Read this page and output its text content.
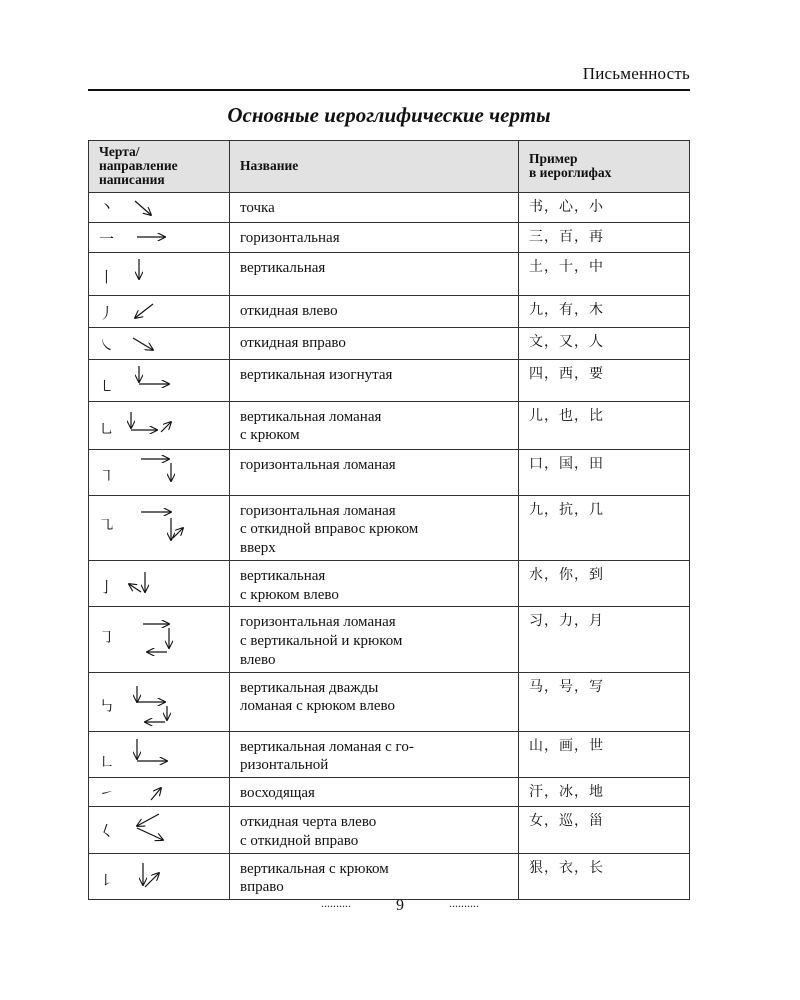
Письменность
Основные иероглифические черты
Черта/
направление
написания	Название	Пример
в иероглифах

丶	точка	书，心，小

一	горизонтальная	三，百，再

丨	вертикальная	土，十，中

丿	откидная влево	九，有，木

㇏	откидная вправо	文，又，人

㇄	вертикальная изогнутая	四，西，要

㇟	вертикальная ломаная
с крюком	儿，也，比

㇕	горизонтальная ломаная	口，国，田

㇈	горизонтальная ломаная
с откидной вправос крюком
вверх	九，抗，几

亅	вертикальная
с крюком влево	水，你，到

㇆	горизонтальная ломаная
с вертикальной и крюком
влево	习，力，月

㇉	вертикальная дважды
ломаная с крюком влево	马，号，写

㇗	вертикальная ломаная с го-
ризонтальной	山，画，世

㇀	восходящая	汗，冰，地

𡿨	откидная черта влево
с откидной вправо	女，巡，甾

㇙	вертикальная с крюком
вправо	狠，衣，长
..........	9	..........
